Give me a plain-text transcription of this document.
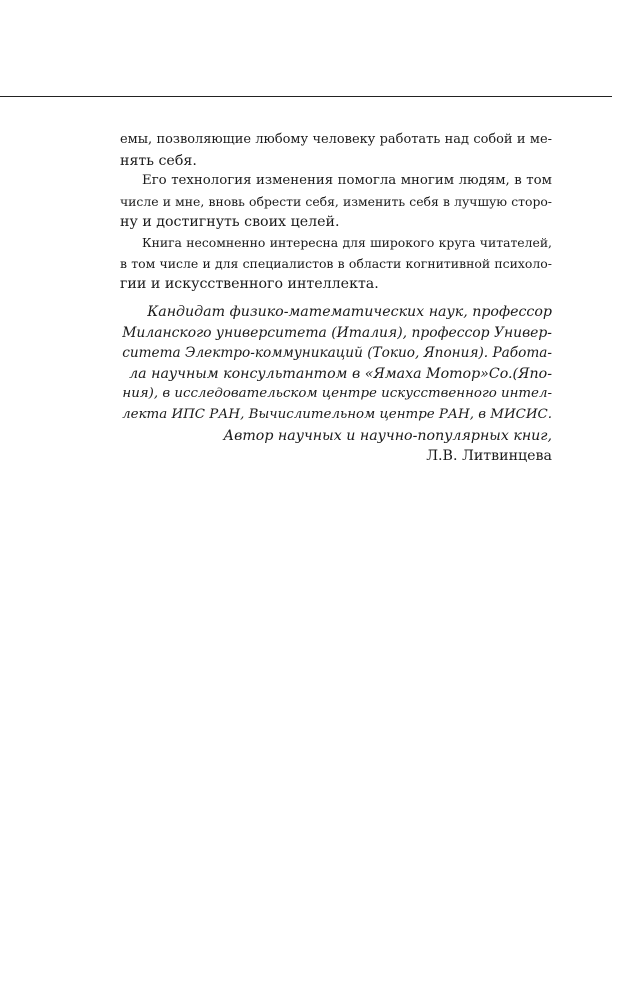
емы, позволяющие любому человеку работать над собой и ме-
нять себя.
Его технология изменения помогла многим людям, в том
числе и мне, вновь обрести себя, изменить себя в лучшую сторо-
ну и достигнуть своих целей.
Книга несомненно интересна для широкого круга читателей,
в том числе и для специалистов в области когнитивной психоло-
гии и искусственного интеллекта.
Кандидат физико-математических наук, профессор
Миланского университета (Италия), профессор Универ-
ситета Электро-коммуникаций (Токио, Япония). Работа-
ла научным консультантом в «Ямаха Мотор»Co.(Япо-
ния), в исследовательском центре искусственного интел-
лекта ИПС РАН, Вычислительном центре РАН, в МИСИС.
Автор научных и научно-популярных книг,
Л.В. Литвинцева
